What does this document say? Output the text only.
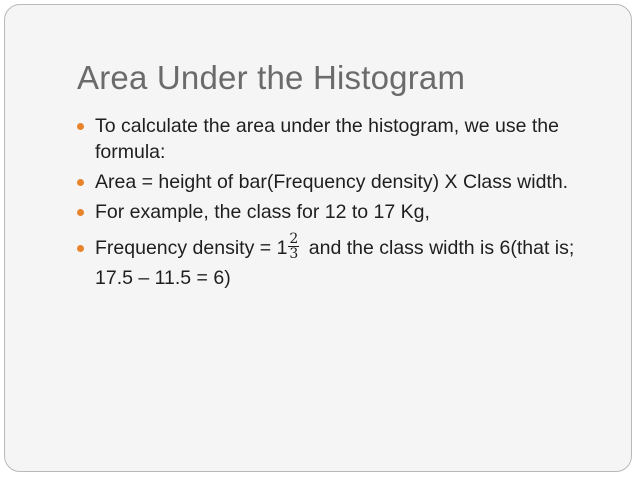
Area Under the Histogram
To calculate the area under the histogram, we use the formula:
Area = height of bar(Frequency density) X Class width.
For example, the class for 12 to 17 Kg,
Frequency density = $1 \frac{2}{3}$ and the class width is 6(that is; 17.5 – 11.5 = 6)
